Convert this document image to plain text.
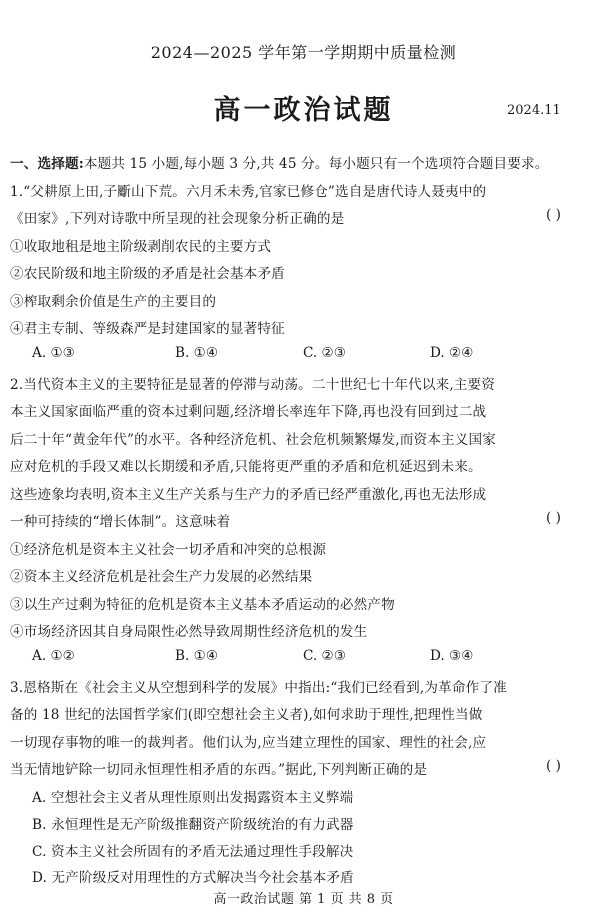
2024—2025 学年第一学期期中质量检测
高一政治试题	2024.11
一、选择题:本题共 15 小题,每小题 3 分,共 45 分。每小题只有一个选项符合题目要求。
1.“父耕原上田,子斸山下荒。六月禾未秀,官家已修仓”选自是唐代诗人聂夷中的
《田家》,下列对诗歌中所呈现的社会现象分析正确的是	( )
①收取地租是地主阶级剥削农民的主要方式
②农民阶级和地主阶级的矛盾是社会基本矛盾
③榨取剩余价值是生产的主要目的
④君主专制、等级森严是封建国家的显著特征
A. ①③	B. ①④	C. ②③	D. ②④
2.当代资本主义的主要特征是显著的停滞与动荡。二十世纪七十年代以来,主要资
本主义国家面临严重的资本过剩问题,经济增长率连年下降,再也没有回到过二战
后二十年“黄金年代”的水平。各种经济危机、社会危机频繁爆发,而资本主义国家
应对危机的手段又难以长期缓和矛盾,只能将更严重的矛盾和危机延迟到未来。
这些迹象均表明,资本主义生产关系与生产力的矛盾已经严重激化,再也无法形成
一种可持续的“增长体制”。这意味着	( )
①经济危机是资本主义社会一切矛盾和冲突的总根源
②资本主义经济危机是社会生产力发展的必然结果
③以生产过剩为特征的危机是资本主义基本矛盾运动的必然产物
④市场经济因其自身局限性必然导致周期性经济危机的发生
A. ①②	B. ①④	C. ②③	D. ③④
3.恩格斯在《社会主义从空想到科学的发展》中指出:“我们已经看到,为革命作了准
备的 18 世纪的法国哲学家们(即空想社会主义者),如何求助于理性,把理性当做
一切现存事物的唯一的裁判者。他们认为,应当建立理性的国家、理性的社会,应
当无情地铲除一切同永恒理性相矛盾的东西。”据此,下列判断正确的是	( )
A. 空想社会主义者从理性原则出发揭露资本主义弊端
B. 永恒理性是无产阶级推翻资产阶级统治的有力武器
C. 资本主义社会所固有的矛盾无法通过理性手段解决
D. 无产阶级反对用理性的方式解决当今社会基本矛盾
高一政治试题 第 1 页 共 8 页
